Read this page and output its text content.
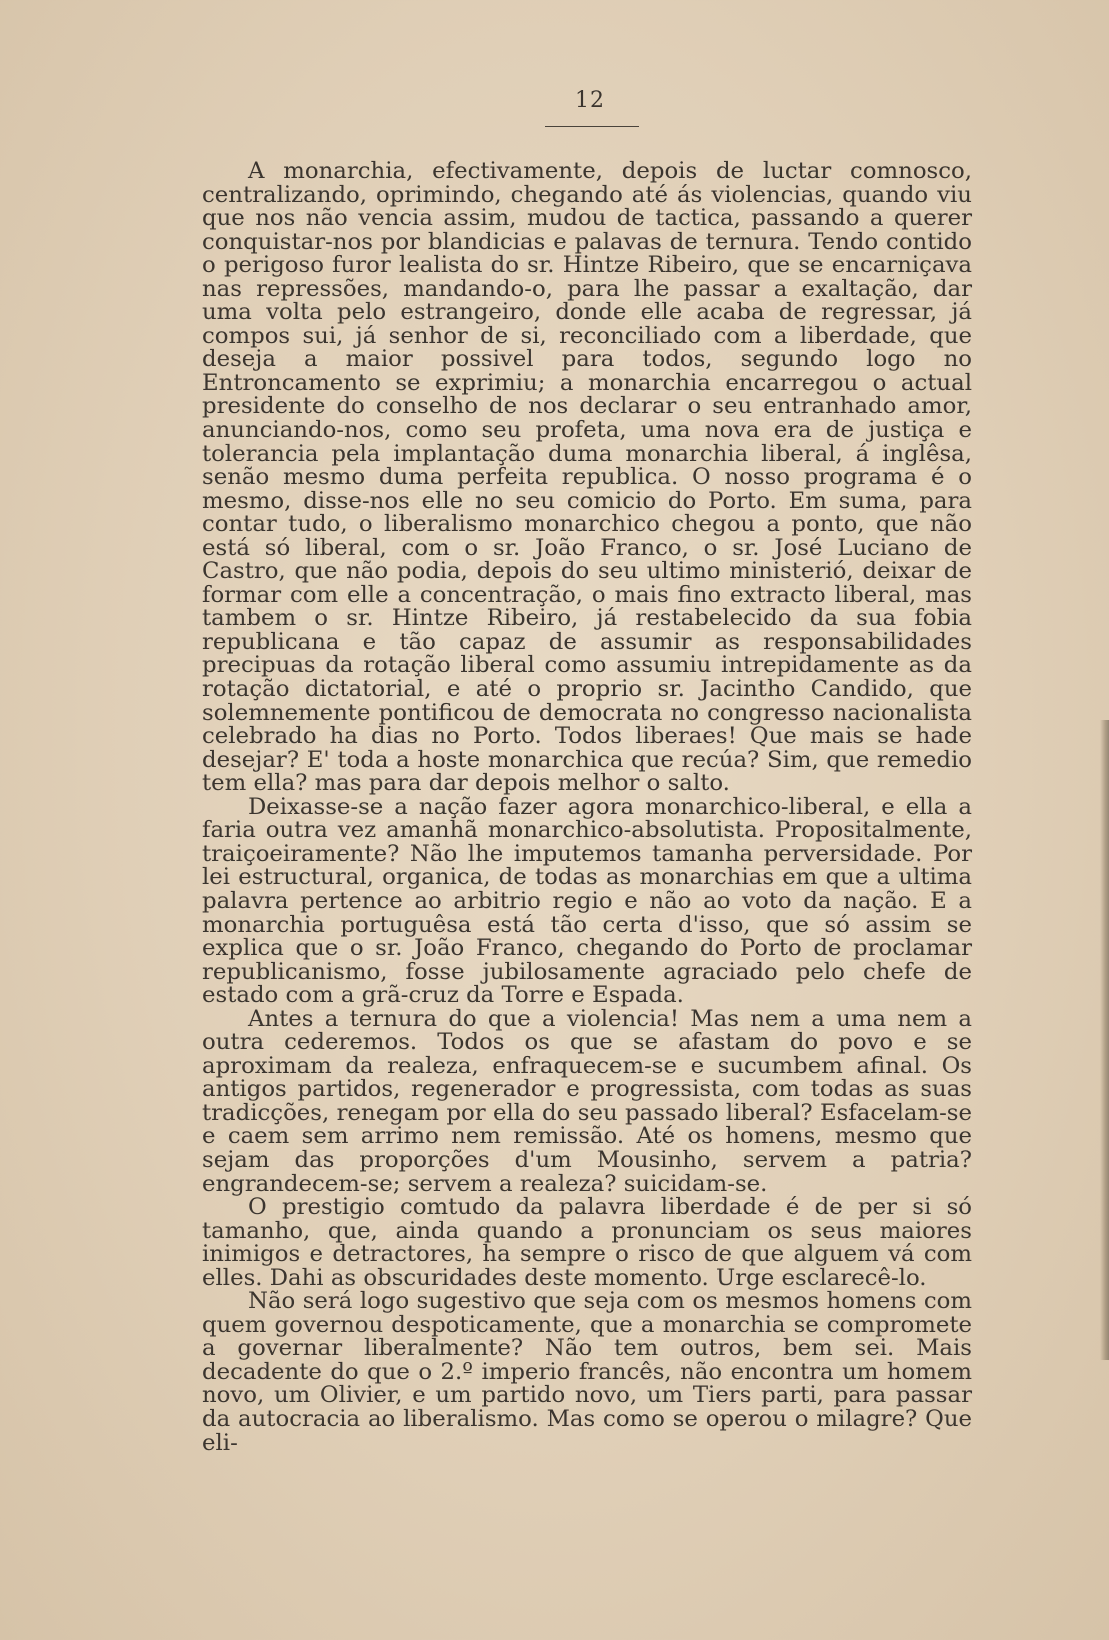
12

A monarchia, efectivamente, depois de luctar comnosco, centralizando, oprimindo, chegando até ás violencias, quando viu que nos não vencia assim, mudou de tactica, passando a querer conquistar-nos por blandicias e palavas de ternura. Tendo contido o perigoso furor lealista do sr. Hintze Ribeiro, que se encarniçava nas repressões, mandando-o, para lhe passar a exaltação, dar uma volta pelo estrangeiro, donde elle acaba de regressar, já compos sui, já senhor de si, reconciliado com a liberdade, que deseja a maior possivel para todos, segundo logo no Entroncamento se exprimiu; a monarchia encarregou o actual presidente do conselho de nos declarar o seu entranhado amor, anunciando-nos, como seu profeta, uma nova era de justiça e tolerancia pela implantação duma monarchia liberal, á inglêsa, senão mesmo duma perfeita republica. O nosso programa é o mesmo, disse-nos elle no seu comicio do Porto. Em suma, para contar tudo, o liberalismo monarchico chegou a ponto, que não está só liberal, com o sr. João Franco, o sr. José Luciano de Castro, que não podia, depois do seu ultimo ministerió, deixar de formar com elle a concentração, o mais fino extracto liberal, mas tambem o sr. Hintze Ribeiro, já restabelecido da sua fobia republicana e tão capaz de assumir as responsabilidades precipuas da rotação liberal como assumiu intrepidamente as da rotação dictatorial, e até o proprio sr. Jacintho Candido, que solemnemente pontificou de democrata no congresso nacionalista celebrado ha dias no Porto. Todos liberaes! Que mais se hade desejar? E' toda a hoste monarchica que recúa? Sim, que remedio tem ella? mas para dar depois melhor o salto.

Deixasse-se a nação fazer agora monarchico-liberal, e ella a faria outra vez amanhã monarchico-absolutista. Propositalmente, traiçoeiramente? Não lhe imputemos tamanha perversidade. Por lei estructural, organica, de todas as monarchias em que a ultima palavra pertence ao arbitrio regio e não ao voto da nação. E a monarchia portuguêsa está tão certa d'isso, que só assim se explica que o sr. João Franco, chegando do Porto de proclamar republicanismo, fosse jubilosamente agraciado pelo chefe de estado com a grã-cruz da Torre e Espada.

Antes a ternura do que a violencia! Mas nem a uma nem a outra cederemos. Todos os que se afastam do povo e se aproximam da realeza, enfraquecem-se e sucumbem afinal. Os antigos partidos, regenerador e progressista, com todas as suas tradicções, renegam por ella do seu passado liberal? Esfacelam-se e caem sem arrimo nem remissão. Até os homens, mesmo que sejam das proporções d'um Mousinho, servem a patria? engrandecem-se; servem a realeza? suicidam-se.

O prestigio comtudo da palavra liberdade é de per si só tamanho, que, ainda quando a pronunciam os seus maiores inimigos e detractores, ha sempre o risco de que alguem vá com elles. Dahi as obscuridades deste momento. Urge esclarecê-lo.

Não será logo sugestivo que seja com os mesmos homens com quem governou despoticamente, que a monarchia se compromete a governar liberalmente? Não tem outros, bem sei. Mais decadente do que o 2.º imperio francês, não encontra um homem novo, um Olivier, e um partido novo, um Tiers parti, para passar da autocracia ao liberalismo. Mas como se operou o milagre? Que eli-
